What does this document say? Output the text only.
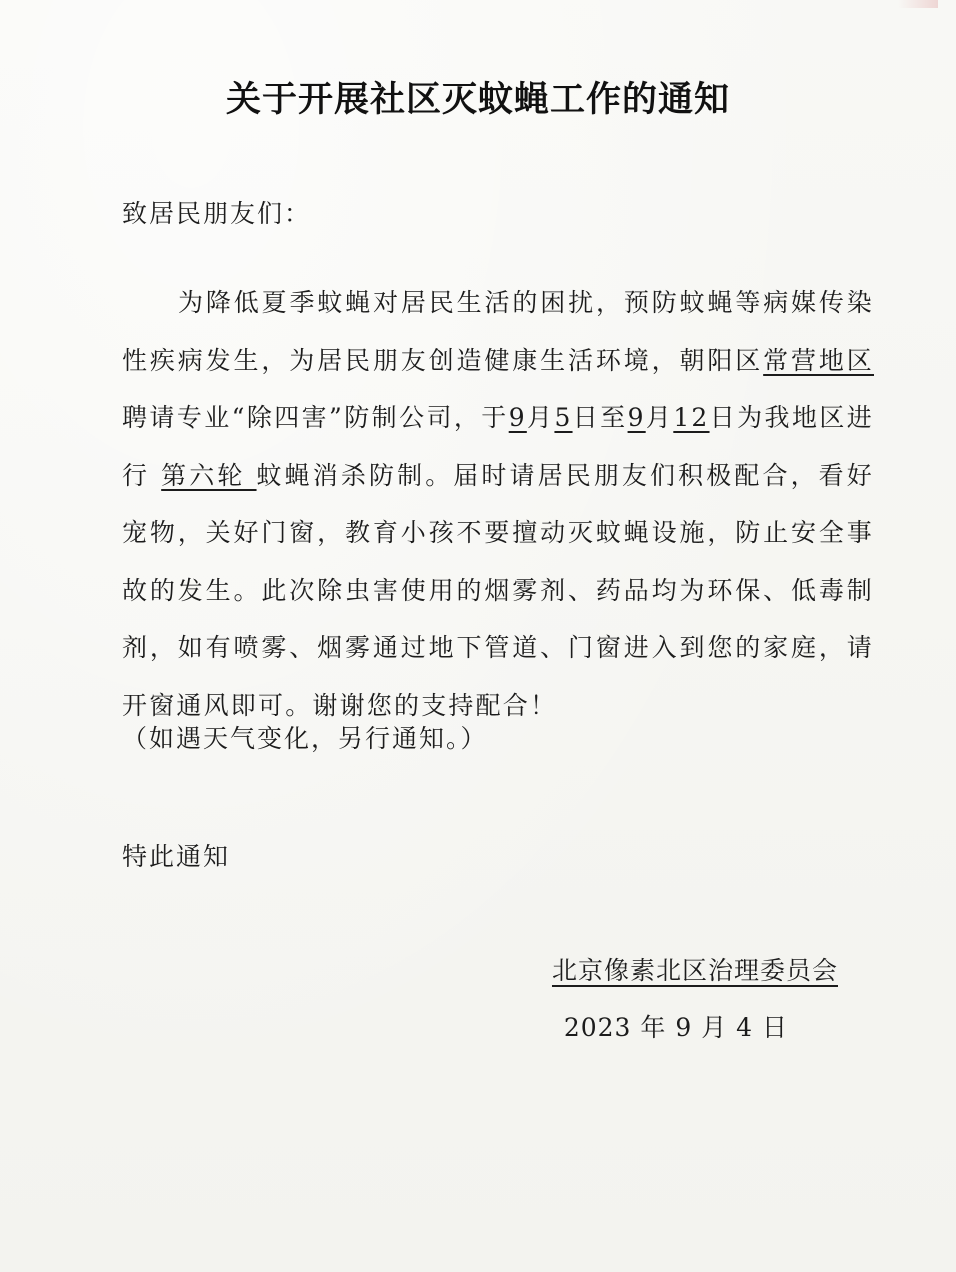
关于开展社区灭蚊蝇工作的通知

致居民朋友们：

为降低夏季蚊蝇对居民生活的困扰，预防蚊蝇等病媒传染性疾病发生，为居民朋友创造健康生活环境，朝阳区常营地区聘请专业“除四害”防制公司，于9月5日至9月12日为我地区进行 第六轮 蚊蝇消杀防制。届时请居民朋友们积极配合，看好宠物，关好门窗，教育小孩不要擅动灭蚊蝇设施，防止安全事故的发生。此次除虫害使用的烟雾剂、药品均为环保、低毒制剂，如有喷雾、烟雾通过地下管道、门窗进入到您的家庭，请开窗通风即可。谢谢您的支持配合！

（如遇天气变化，另行通知。）

特此通知

北京像素北区治理委员会

2023 年 9 月 4 日
